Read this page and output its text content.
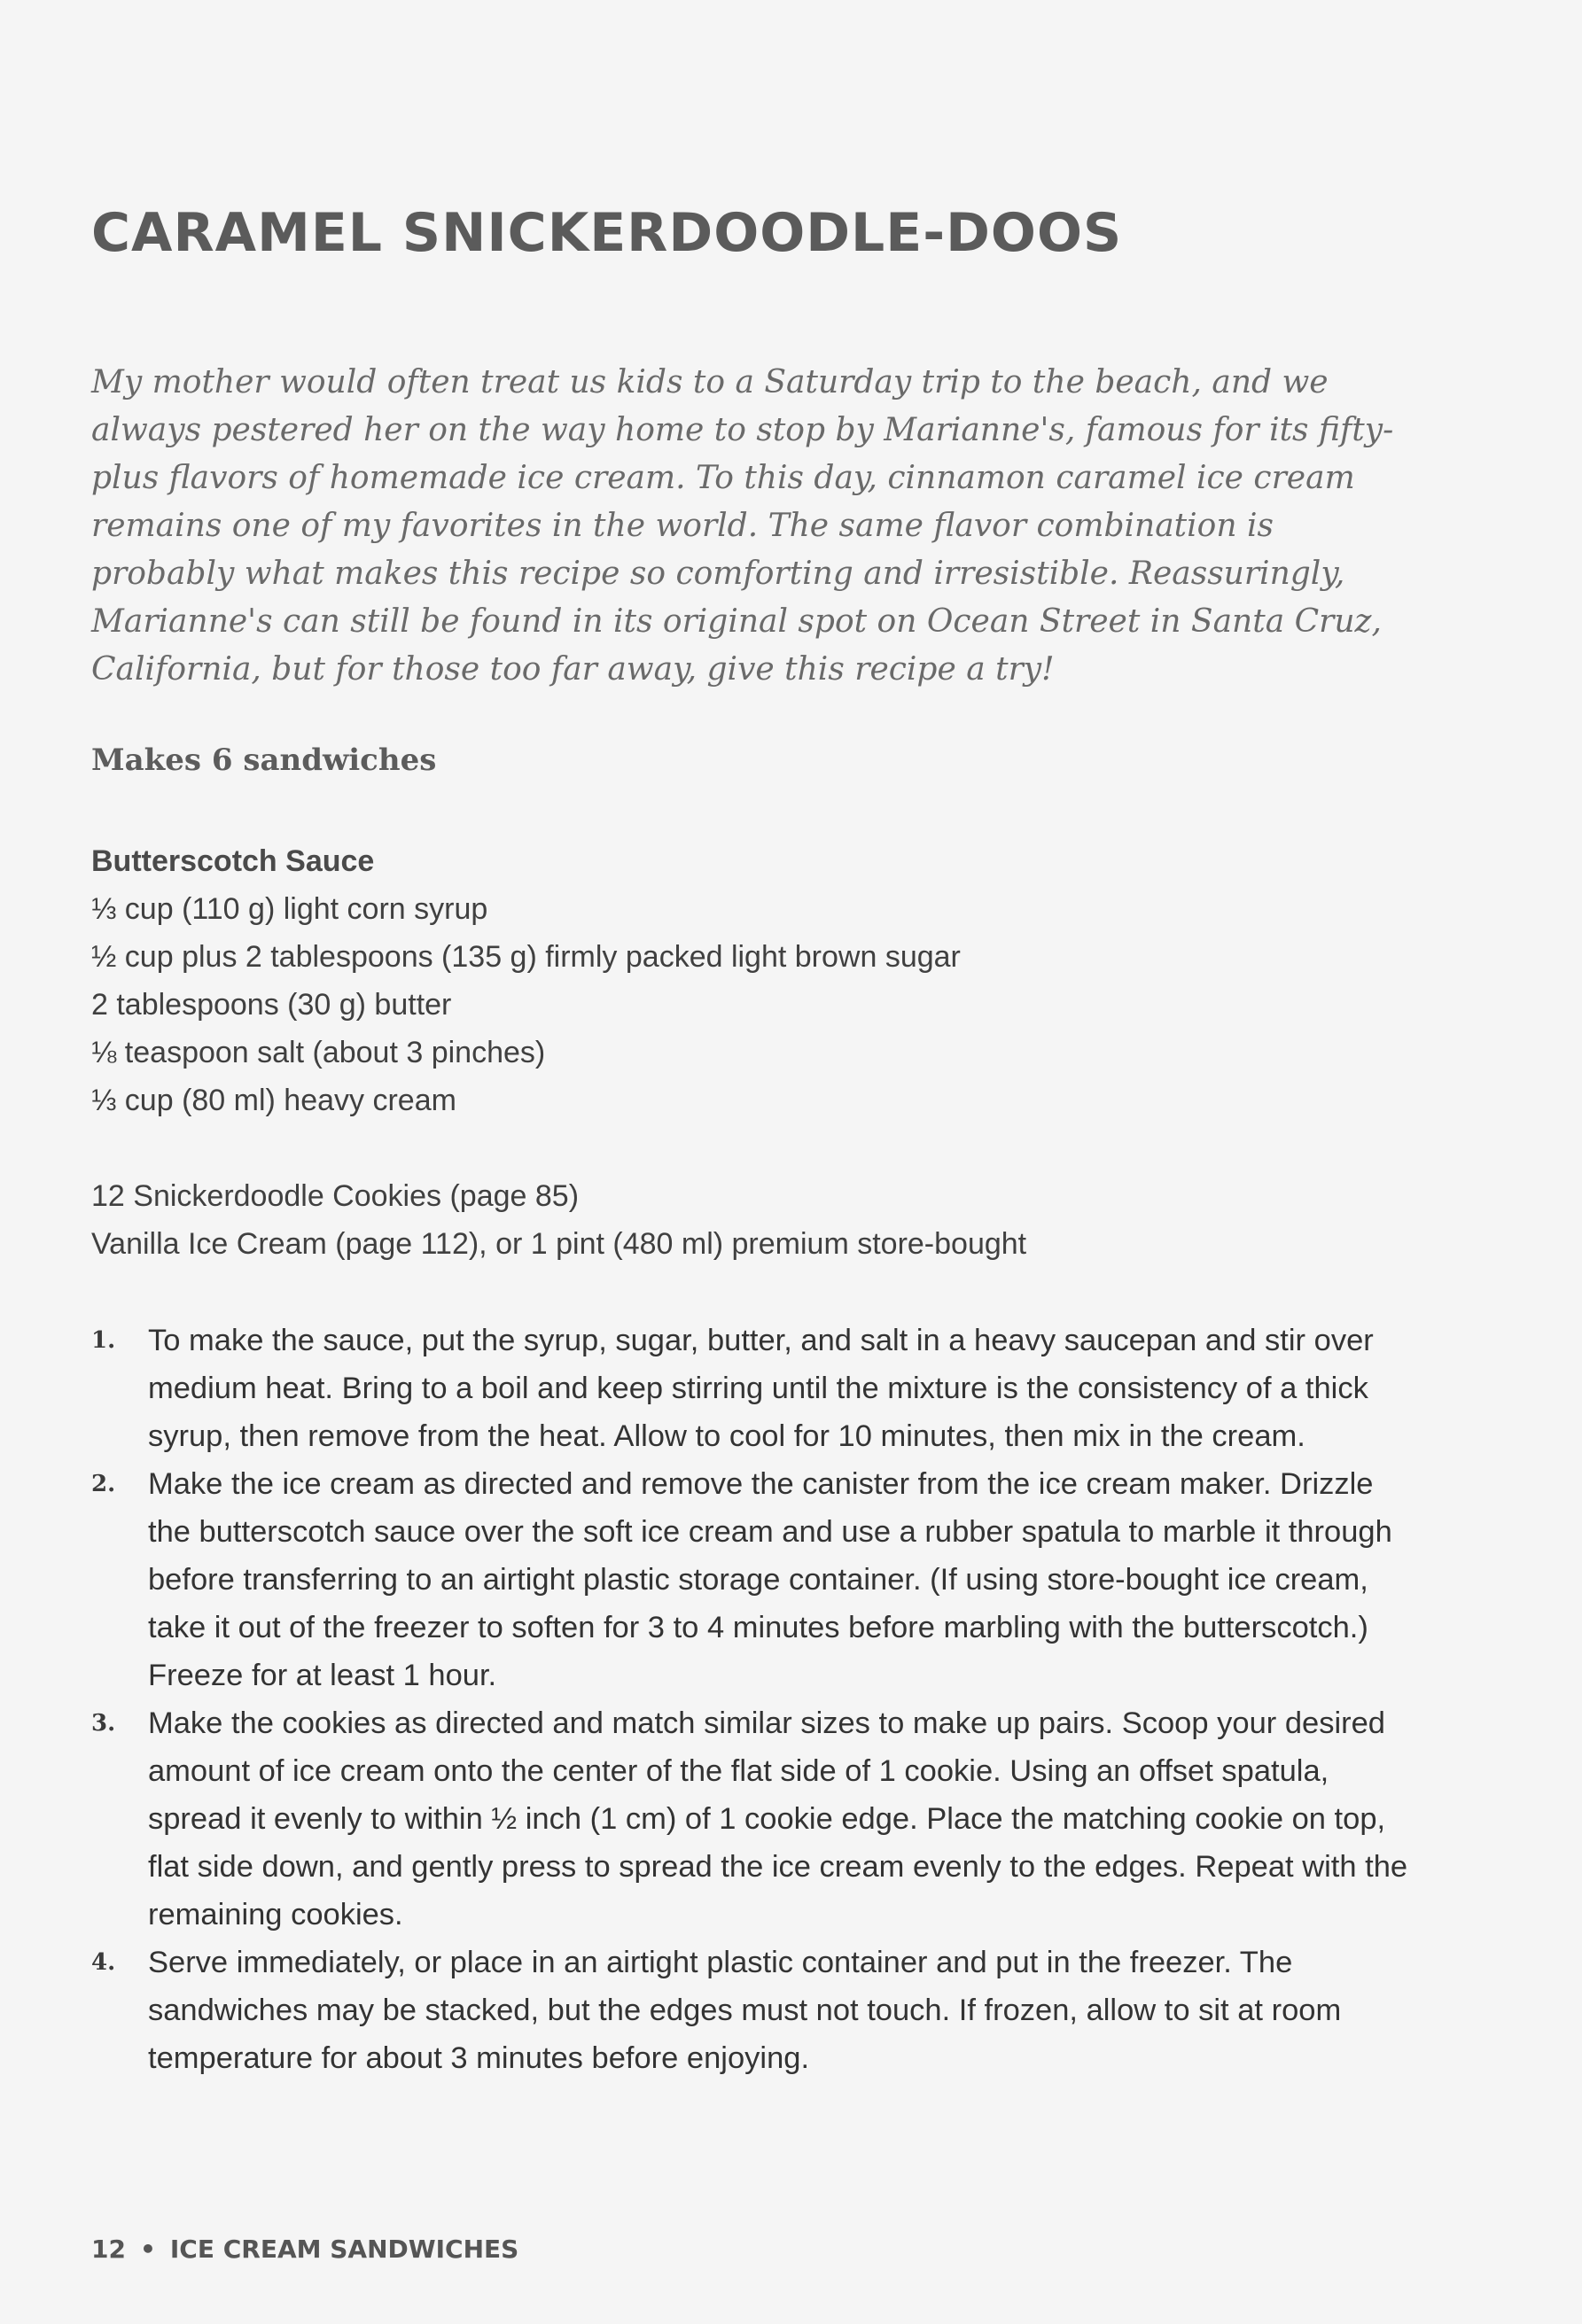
CARAMEL SNICKERDOODLE-DOOS

My mother would often treat us kids to a Saturday trip to the beach, and we always pestered her on the way home to stop by Marianne's, famous for its fifty-plus flavors of homemade ice cream. To this day, cinnamon caramel ice cream remains one of my favorites in the world. The same flavor combination is probably what makes this recipe so comforting and irresistible. Reassuringly, Marianne's can still be found in its original spot on Ocean Street in Santa Cruz, California, but for those too far away, give this recipe a try!

Makes 6 sandwiches

Butterscotch Sauce
⅓ cup (110 g) light corn syrup
½ cup plus 2 tablespoons (135 g) firmly packed light brown sugar
2 tablespoons (30 g) butter
⅛ teaspoon salt (about 3 pinches)
⅓ cup (80 ml) heavy cream
12 Snickerdoodle Cookies (page 85)
Vanilla Ice Cream (page 112), or 1 pint (480 ml) premium store-bought
1. To make the sauce, put the syrup, sugar, butter, and salt in a heavy saucepan and stir over medium heat. Bring to a boil and keep stirring until the mixture is the consistency of a thick syrup, then remove from the heat. Allow to cool for 10 minutes, then mix in the cream.
2. Make the ice cream as directed and remove the canister from the ice cream maker. Drizzle the butterscotch sauce over the soft ice cream and use a rubber spatula to marble it through before transferring to an airtight plastic storage container. (If using store-bought ice cream, take it out of the freezer to soften for 3 to 4 minutes before marbling with the butterscotch.) Freeze for at least 1 hour.
3. Make the cookies as directed and match similar sizes to make up pairs. Scoop your desired amount of ice cream onto the center of the flat side of 1 cookie. Using an offset spatula, spread it evenly to within ½ inch (1 cm) of 1 cookie edge. Place the matching cookie on top, flat side down, and gently press to spread the ice cream evenly to the edges. Repeat with the remaining cookies.
4. Serve immediately, or place in an airtight plastic container and put in the freezer. The sandwiches may be stacked, but the edges must not touch. If frozen, allow to sit at room temperature for about 3 minutes before enjoying.
12 • ICE CREAM SANDWICHES
